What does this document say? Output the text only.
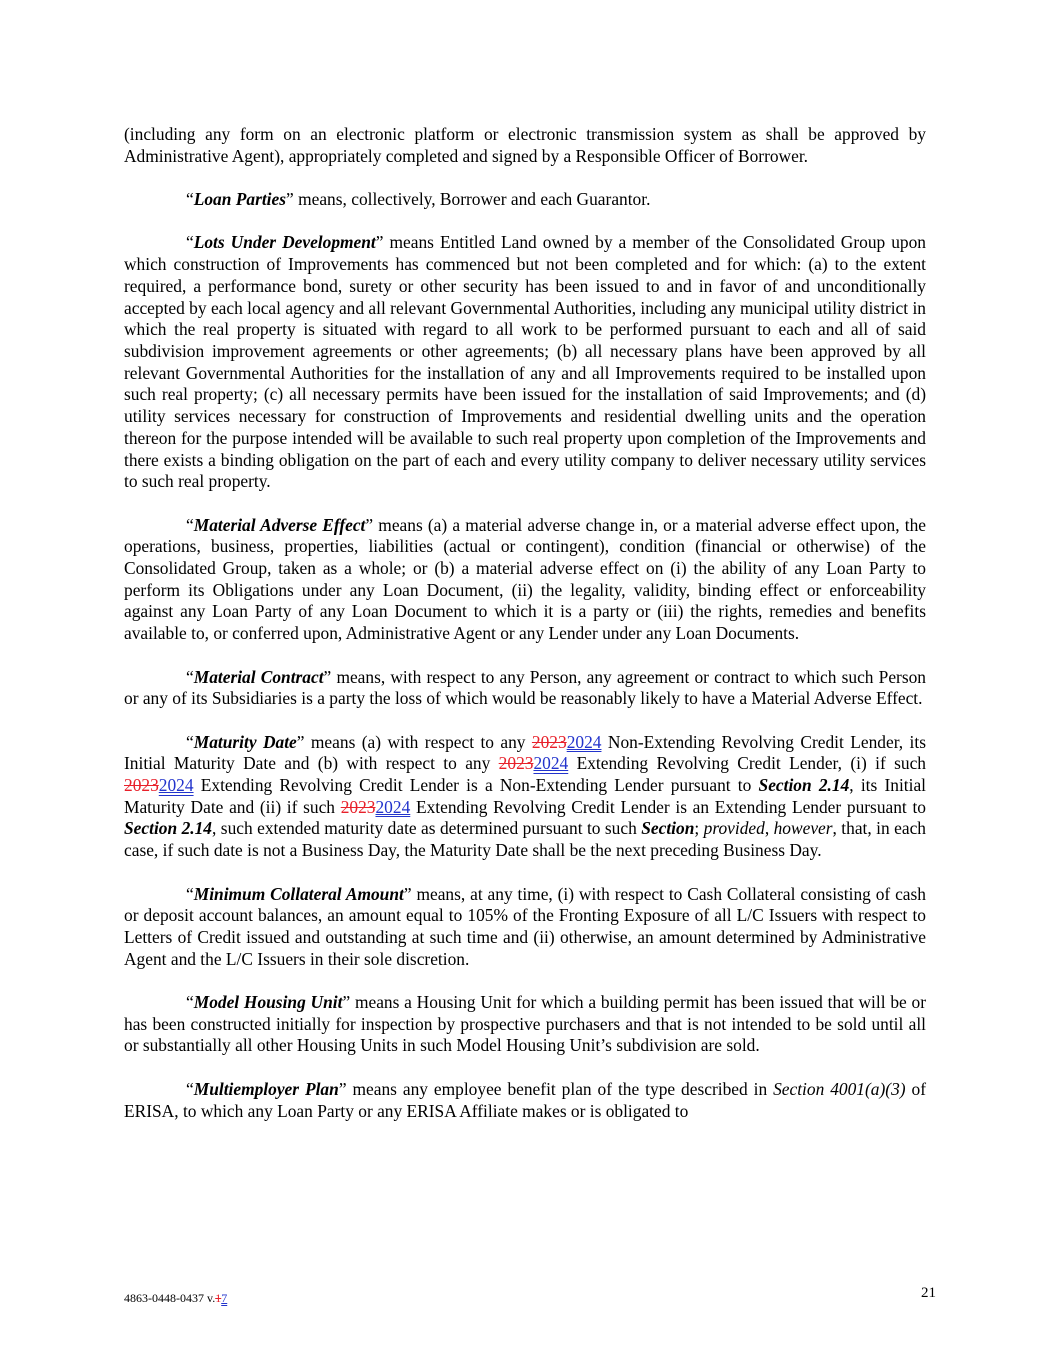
(including any form on an electronic platform or electronic transmission system as shall be approved by Administrative Agent), appropriately completed and signed by a Responsible Officer of Borrower.

“Loan Parties” means, collectively, Borrower and each Guarantor.

“Lots Under Development” means Entitled Land owned by a member of the Consolidated Group upon which construction of Improvements has commenced but not been completed and for which: (a) to the extent required, a performance bond, surety or other security has been issued to and in favor of and unconditionally accepted by each local agency and all relevant Governmental Authorities, including any municipal utility district in which the real property is situated with regard to all work to be performed pursuant to each and all of said subdivision improvement agreements or other agreements; (b) all necessary plans have been approved by all relevant Governmental Authorities for the installation of any and all Improvements required to be installed upon such real property; (c) all necessary permits have been issued for the installation of said Improvements; and (d) utility services necessary for construction of Improvements and residential dwelling units and the operation thereon for the purpose intended will be available to such real property upon completion of the Improvements and there exists a binding obligation on the part of each and every utility company to deliver necessary utility services to such real property.

“Material Adverse Effect” means (a) a material adverse change in, or a material adverse effect upon, the operations, business, properties, liabilities (actual or contingent), condition (financial or otherwise) of the Consolidated Group, taken as a whole; or (b) a material adverse effect on (i) the ability of any Loan Party to perform its Obligations under any Loan Document, (ii) the legality, validity, binding effect or enforceability against any Loan Party of any Loan Document to which it is a party or (iii) the rights, remedies and benefits available to, or conferred upon, Administrative Agent or any Lender under any Loan Documents.

“Material Contract” means, with respect to any Person, any agreement or contract to which such Person or any of its Subsidiaries is a party the loss of which would be reasonably likely to have a Material Adverse Effect.

“Maturity Date” means (a) with respect to any 20232024 Non-Extending Revolving Credit Lender, its Initial Maturity Date and (b) with respect to any 20232024 Extending Revolving Credit Lender, (i) if such 20232024 Extending Revolving Credit Lender is a Non-Extending Lender pursuant to Section 2.14, its Initial Maturity Date and (ii) if such 20232024 Extending Revolving Credit Lender is an Extending Lender pursuant to Section 2.14, such extended maturity date as determined pursuant to such Section; provided, however, that, in each case, if such date is not a Business Day, the Maturity Date shall be the next preceding Business Day.

“Minimum Collateral Amount” means, at any time, (i) with respect to Cash Collateral consisting of cash or deposit account balances, an amount equal to 105% of the Fronting Exposure of all L/C Issuers with respect to Letters of Credit issued and outstanding at such time and (ii) otherwise, an amount determined by Administrative Agent and the L/C Issuers in their sole discretion.

“Model Housing Unit” means a Housing Unit for which a building permit has been issued that will be or has been constructed initially for inspection by prospective purchasers and that is not intended to be sold until all or substantially all other Housing Units in such Model Housing Unit’s subdivision are sold.

“Multiemployer Plan” means any employee benefit plan of the type described in Section 4001(a)(3) of ERISA, to which any Loan Party or any ERISA Affiliate makes or is obligated to

4863-0448-0437 v.17	21
